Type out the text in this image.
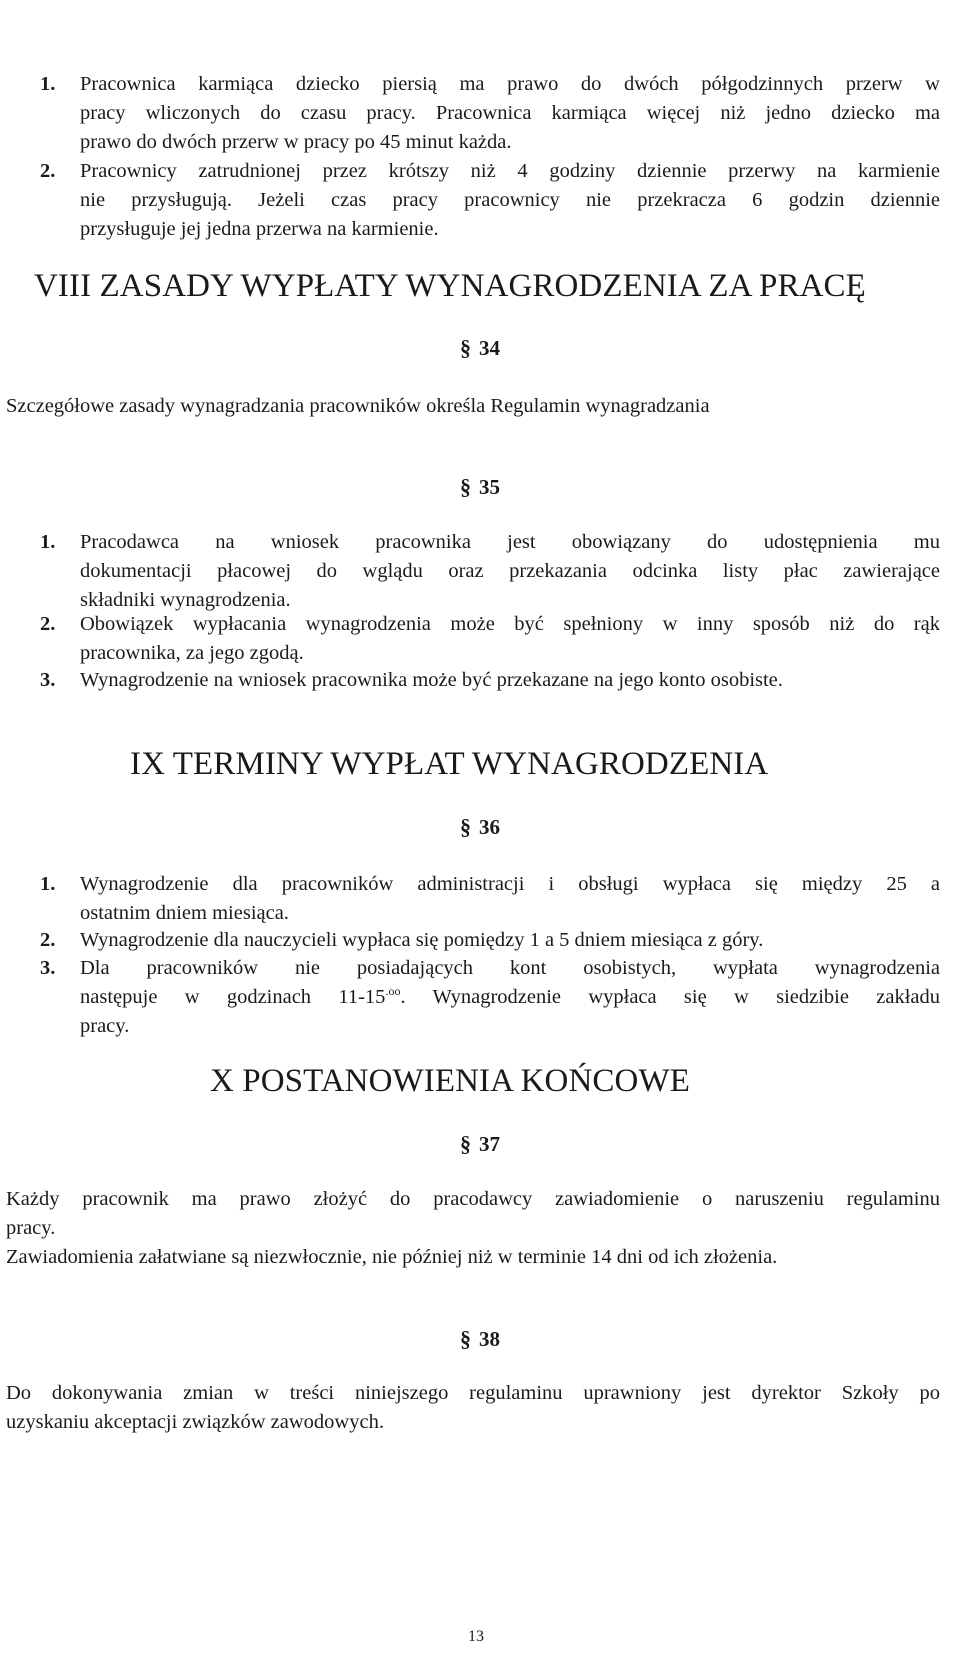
1. Pracownica karmiąca dziecko piersią ma prawo do dwóch półgodzinnych przerw w
pracy wliczonych do czasu pracy. Pracownica karmiąca więcej niż jedno dziecko ma
prawo do dwóch przerw w pracy po 45 minut każda.
2. Pracownicy zatrudnionej przez krótszy niż 4 godziny dziennie przerwy na karmienie
nie przysługują. Jeżeli czas pracy pracownicy nie przekracza 6 godzin dziennie
przysługuje jej jedna przerwa na karmienie.
VIII ZASADY WYPŁATY WYNAGRODZENIA ZA PRACĘ
§ 34
Szczegółowe zasady wynagradzania pracowników określa Regulamin wynagradzania
§ 35
1. Pracodawca na wniosek pracownika jest obowiązany do udostępnienia mu
dokumentacji płacowej do wglądu oraz przekazania odcinka listy płac zawierające
składniki wynagrodzenia.
2. Obowiązek wypłacania wynagrodzenia może być spełniony w inny sposób niż do rąk
pracownika, za jego zgodą.
3. Wynagrodzenie na wniosek pracownika może być przekazane na jego konto osobiste.
IX TERMINY WYPŁAT WYNAGRODZENIA
§ 36
1. Wynagrodzenie dla pracowników administracji i obsługi wypłaca się między 25 a
ostatnim dniem miesiąca.
2. Wynagrodzenie dla nauczycieli wypłaca się pomiędzy 1 a 5 dniem miesiąca z góry.
3. Dla pracowników nie posiadających kont osobistych, wypłata wynagrodzenia
następuje w godzinach $11-15^{.oo}$. Wynagrodzenie wypłaca się w siedzibie zakładu
pracy.
X POSTANOWIENIA KOŃCOWE
§ 37
Każdy pracownik ma prawo złożyć do pracodawcy zawiadomienie o naruszeniu regulaminu
pracy.
Zawiadomienia załatwiane są niezwłocznie, nie później niż w terminie 14 dni od ich złożenia.
§ 38
Do dokonywania zmian w treści niniejszego regulaminu uprawniony jest dyrektor Szkoły po
uzyskaniu akceptacji związków zawodowych.
13
